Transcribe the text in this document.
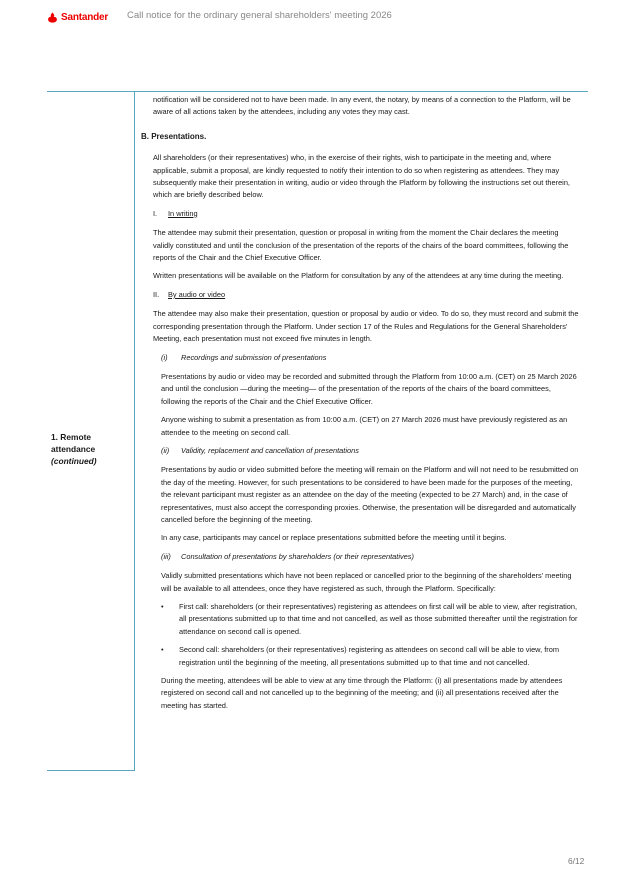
Santander Call notice for the ordinary general shareholders' meeting 2026
1. Remote attendance
(continued)

notification will be considered not to have been made. In any event, the notary, by means of a connection to the Platform, will be aware of all actions taken by the attendees, including any votes they may cast.

B. Presentations.

All shareholders (or their representatives) who, in the exercise of their rights, wish to participate in the meeting and, where applicable, submit a proposal, are kindly requested to notify their intention to do so when registering as attendees. They may subsequently make their presentation in writing, audio or video through the Platform by following the instructions set out therein, which are briefly described below.

I. In writing

The attendee may submit their presentation, question or proposal in writing from the moment the Chair declares the meeting validly constituted and until the conclusion of the presentation of the reports of the chairs of the board committees, following the reports of the Chair and the Chief Executive Officer.

Written presentations will be available on the Platform for consultation by any of the attendees at any time during the meeting.

II. By audio or video

The attendee may also make their presentation, question or proposal by audio or video. To do so, they must record and submit the corresponding presentation through the Platform. Under section 17 of the Rules and Regulations for the General Shareholders' Meeting, each presentation must not exceed five minutes in length.

(i) Recordings and submission of presentations

Presentations by audio or video may be recorded and submitted through the Platform from 10:00 a.m. (CET) on 25 March 2026 and until the conclusion —during the meeting— of the presentation of the reports of the chairs of the board committees, following the reports of the Chair and the Chief Executive Officer.

Anyone wishing to submit a presentation as from 10:00 a.m. (CET) on 27 March 2026 must have previously registered as an attendee to the meeting on second call.

(ii) Validity, replacement and cancellation of presentations

Presentations by audio or video submitted before the meeting will remain on the Platform and will not need to be resubmitted on the day of the meeting. However, for such presentations to be considered to have been made for the purposes of the meeting, the relevant participant must register as an attendee on the day of the meeting (expected to be 27 March) and, in the case of representatives, must also accept the corresponding proxies. Otherwise, the presentation will be disregarded and automatically cancelled before the beginning of the meeting.

In any case, participants may cancel or replace presentations submitted before the meeting until it begins.

(iii) Consultation of presentations by shareholders (or their representatives)

Validly submitted presentations which have not been replaced or cancelled prior to the beginning of the shareholders' meeting will be available to all attendees, once they have registered as such, through the Platform. Specifically:

• First call: shareholders (or their representatives) registering as attendees on first call will be able to view, after registration, all presentations submitted up to that time and not cancelled, as well as those submitted thereafter until the registration for attendance on second call is opened.

• Second call: shareholders (or their representatives) registering as attendees on second call will be able to view, from registration until the beginning of the meeting, all presentations submitted up to that time and not cancelled.

During the meeting, attendees will be able to view at any time through the Platform: (i) all presentations made by attendees registered on second call and not cancelled up to the beginning of the meeting; and (ii) all presentations received after the meeting has started.

6/12
